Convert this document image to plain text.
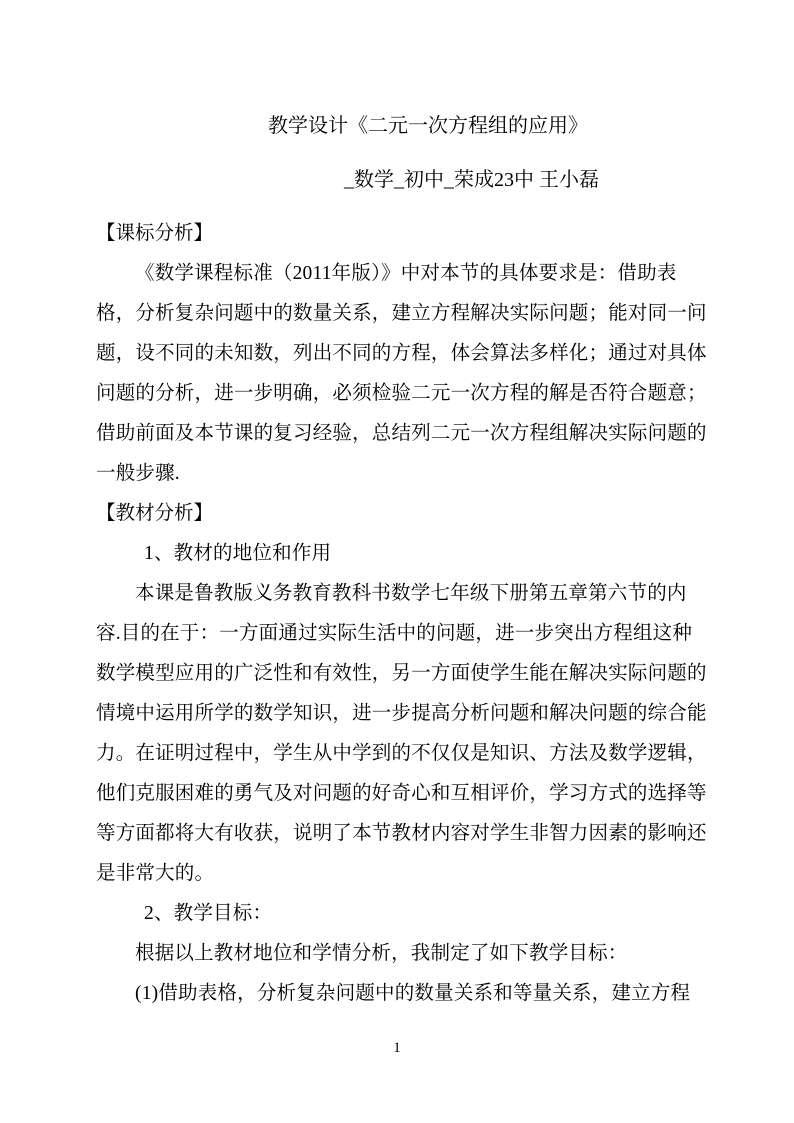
教学设计《二元一次方程组的应用》
_数学_初中_荣成23中 王小磊
【课标分析】
《数学课程标准（2011年版）》中对本节的具体要求是：借助表
格，分析复杂问题中的数量关系，建立方程解决实际问题；能对同一问
题，设不同的未知数，列出不同的方程，体会算法多样化；通过对具体
问题的分析，进一步明确，必须检验二元一次方程的解是否符合题意；
借助前面及本节课的复习经验，总结列二元一次方程组解决实际问题的
一般步骤.
【教材分析】
1、教材的地位和作用
本课是鲁教版义务教育教科书数学七年级下册第五章第六节的内
容.目的在于：一方面通过实际生活中的问题，进一步突出方程组这种
数学模型应用的广泛性和有效性，另一方面使学生能在解决实际问题的
情境中运用所学的数学知识，进一步提高分析问题和解决问题的综合能
力。在证明过程中，学生从中学到的不仅仅是知识、方法及数学逻辑，
他们克服困难的勇气及对问题的好奇心和互相评价，学习方式的选择等
等方面都将大有收获，说明了本节教材内容对学生非智力因素的影响还
是非常大的。
2、教学目标：
根据以上教材地位和学情分析，我制定了如下教学目标：
(1)借助表格，分析复杂问题中的数量关系和等量关系，建立方程
1
